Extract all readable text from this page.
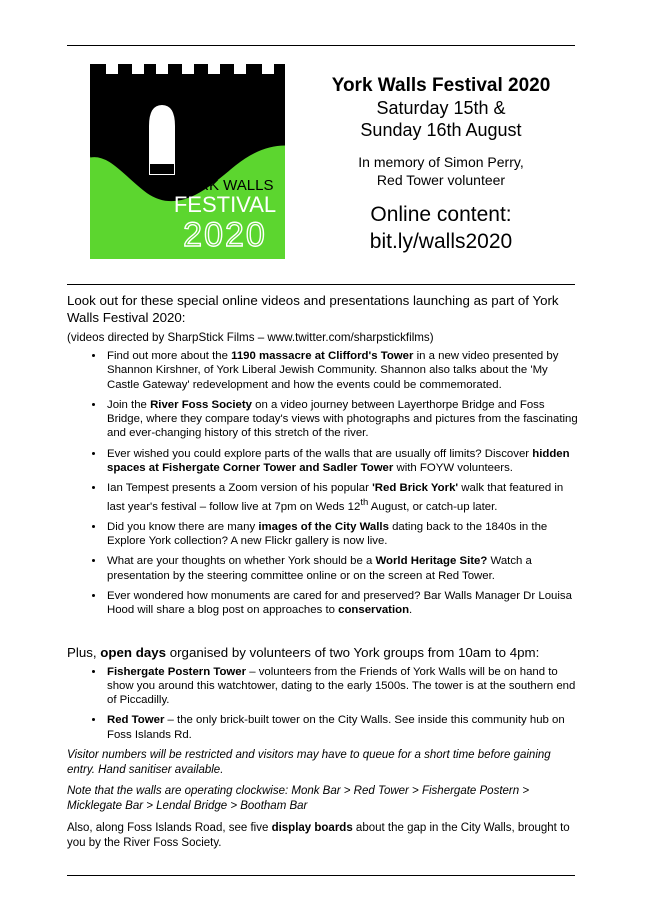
YORK WALLS
FESTIVAL
2020
York Walls Festival 2020
Saturday 15th &
Sunday 16th August
In memory of Simon Perry,
Red Tower volunteer
Online content:
bit.ly/walls2020

Look out for these special online videos and presentations launching as part of York Walls Festival 2020:

(videos directed by SharpStick Films – www.twitter.com/sharpstickfilms)

• Find out more about the 1190 massacre at Clifford's Tower in a new video presented by Shannon Kirshner, of York Liberal Jewish Community. Shannon also talks about the 'My Castle Gateway' redevelopment and how the events could be commemorated.
• Join the River Foss Society on a video journey between Layerthorpe Bridge and Foss Bridge, where they compare today's views with photographs and pictures from the fascinating and ever-changing history of this stretch of the river.
• Ever wished you could explore parts of the walls that are usually off limits? Discover hidden spaces at Fishergate Corner Tower and Sadler Tower with FOYW volunteers.
• Ian Tempest presents a Zoom version of his popular 'Red Brick York' walk that featured in last year's festival – follow live at 7pm on Weds 12th August, or catch-up later.
• Did you know there are many images of the City Walls dating back to the 1840s in the Explore York collection? A new Flickr gallery is now live.
• What are your thoughts on whether York should be a World Heritage Site? Watch a presentation by the steering committee online or on the screen at Red Tower.
• Ever wondered how monuments are cared for and preserved? Bar Walls Manager Dr Louisa Hood will share a blog post on approaches to conservation.

Plus, open days organised by volunteers of two York groups from 10am to 4pm:

• Fishergate Postern Tower – volunteers from the Friends of York Walls will be on hand to show you around this watchtower, dating to the early 1500s. The tower is at the southern end of Piccadilly.
• Red Tower – the only brick-built tower on the City Walls. See inside this community hub on Foss Islands Rd.

Visitor numbers will be restricted and visitors may have to queue for a short time before gaining entry. Hand sanitiser available.

Note that the walls are operating clockwise: Monk Bar > Red Tower > Fishergate Postern > Micklegate Bar > Lendal Bridge > Bootham Bar

Also, along Foss Islands Road, see five display boards about the gap in the City Walls, brought to you by the River Foss Society.
